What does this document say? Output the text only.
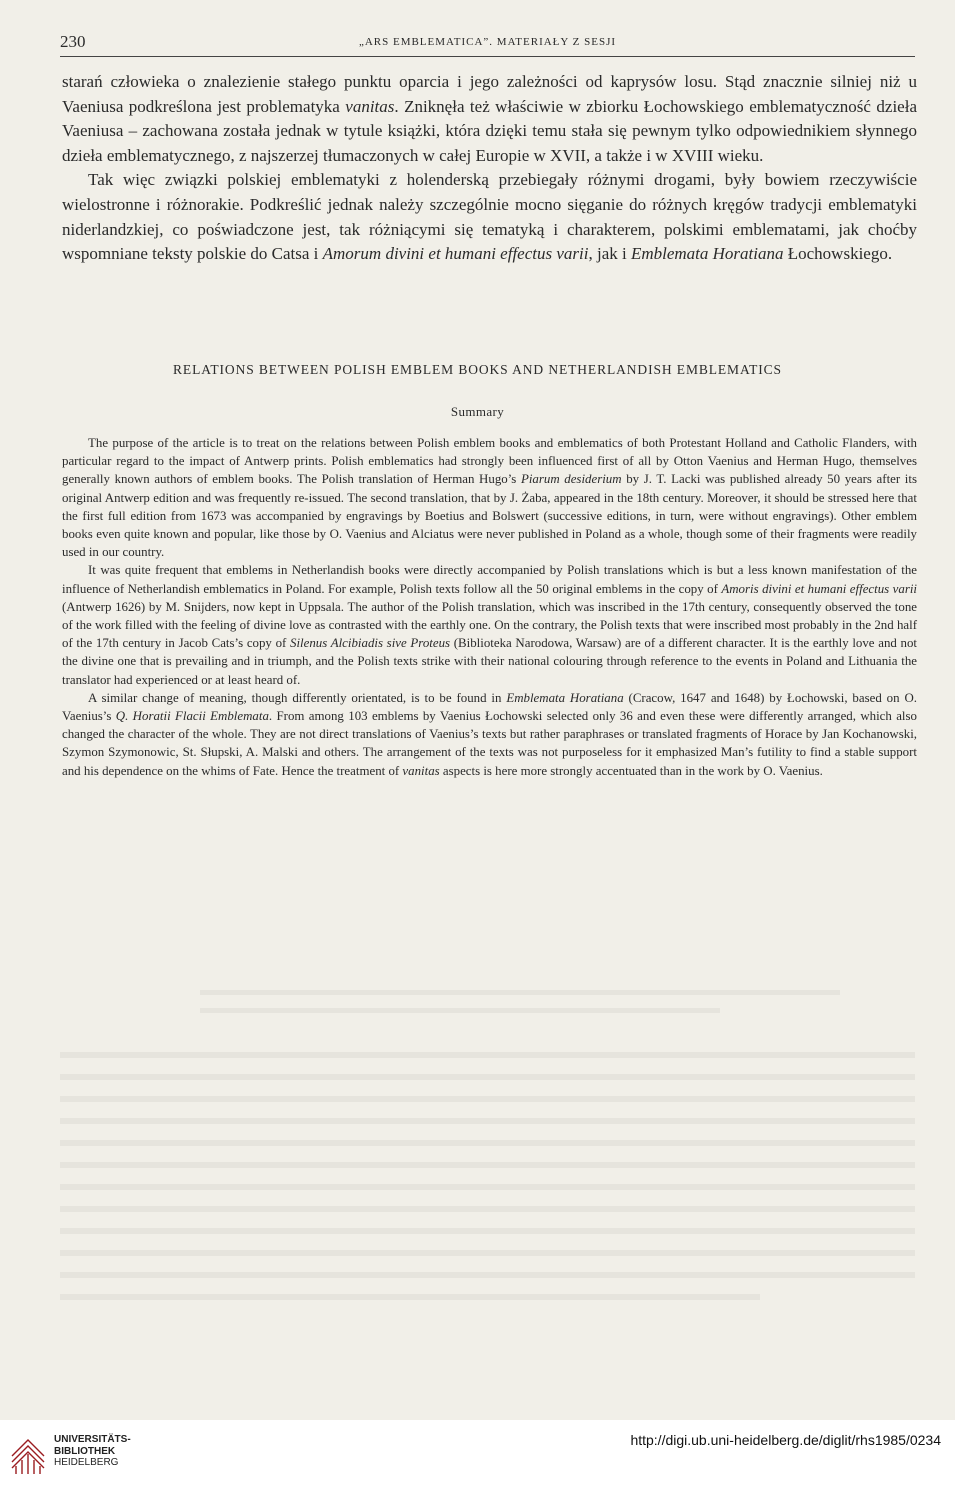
230	„ARS EMBLEMATICA”. MATERIAŁY Z SESJI

starań człowieka o znalezienie stałego punktu oparcia i jego zależności od kaprysów losu. Stąd znacznie silniej niż u Vaeniusa podkreślona jest problematyka vanitas. Zniknęła też właściwie w zbiorku Łochowskiego emblematyczność dzieła Vaeniusa – zachowana została jednak w tytule książki, która dzięki temu stała się pewnym tylko odpowiednikiem słynnego dzieła emblematycznego, z najszerzej tłumaczonych w całej Europie w XVII, a także i w XVIII wieku.

Tak więc związki polskiej emblematyki z holenderską przebiegały różnymi drogami, były bowiem rzeczywiście wielostronne i różnorakie. Podkreślić jednak należy szczególnie mocno sięganie do różnych kręgów tradycji emblematyki niderlandzkiej, co poświadczone jest, tak różniącymi się tematyką i charakterem, polskimi emblematami, jak choćby wspomniane teksty polskie do Catsa i Amorum divini et humani effectus varii, jak i Emblemata Horatiana Łochowskiego.

RELATIONS BETWEEN POLISH EMBLEM BOOKS AND NETHERLANDISH EMBLEMATICS
Summary

The purpose of the article is to treat on the relations between Polish emblem books and emblematics of both Protestant Holland and Catholic Flanders, with particular regard to the impact of Antwerp prints. Polish emblematics had strongly been influenced first of all by Otton Vaenius and Herman Hugo, themselves generally known authors of emblem books. The Polish translation of Herman Hugo’s Piarum desiderium by J. T. Lacki was published already 50 years after its original Antwerp edition and was frequently re-issued. The second translation, that by J. Żaba, appeared in the 18th century. Moreover, it should be stressed here that the first full edition from 1673 was accompanied by engravings by Boetius and Bolswert (successive editions, in turn, were without engravings). Other emblem books even quite known and popular, like those by O. Vaenius and Alciatus were never published in Poland as a whole, though some of their fragments were readily used in our country.

It was quite frequent that emblems in Netherlandish books were directly accompanied by Polish translations which is but a less known manifestation of the influence of Netherlandish emblematics in Poland. For example, Polish texts follow all the 50 original emblems in the copy of Amoris divini et humani effectus varii (Antwerp 1626) by M. Snijders, now kept in Uppsala. The author of the Polish translation, which was inscribed in the 17th century, consequently observed the tone of the work filled with the feeling of divine love as contrasted with the earthly one. On the contrary, the Polish texts that were inscribed most probably in the 2nd half of the 17th century in Jacob Cats’s copy of Silenus Alcibiadis sive Proteus (Biblioteka Narodowa, Warsaw) are of a different character. It is the earthly love and not the divine one that is prevailing and in triumph, and the Polish texts strike with their national colouring through reference to the events in Poland and Lithuania the translator had experienced or at least heard of.

A similar change of meaning, though differently orientated, is to be found in Emblemata Horatiana (Cracow, 1647 and 1648) by Łochowski, based on O. Vaenius’s Q. Horatii Flacii Emblemata. From among 103 emblems by Vaenius Łochowski selected only 36 and even these were differently arranged, which also changed the character of the whole. They are not direct translations of Vaenius’s texts but rather paraphrases or translated fragments of Horace by Jan Kochanowski, Szymon Szymonowic, St. Słupski, A. Malski and others. The arrangement of the texts was not purposeless for it emphasized Man’s futility to find a stable support and his dependence on the whims of Fate. Hence the treatment of vanitas aspects is here more strongly accentuated than in the work by O. Vaenius.

UNIVERSITÄTS-
BIBLIOTHEK
HEIDELBERG
http://digi.ub.uni-heidelberg.de/diglit/rhs1985/0234
